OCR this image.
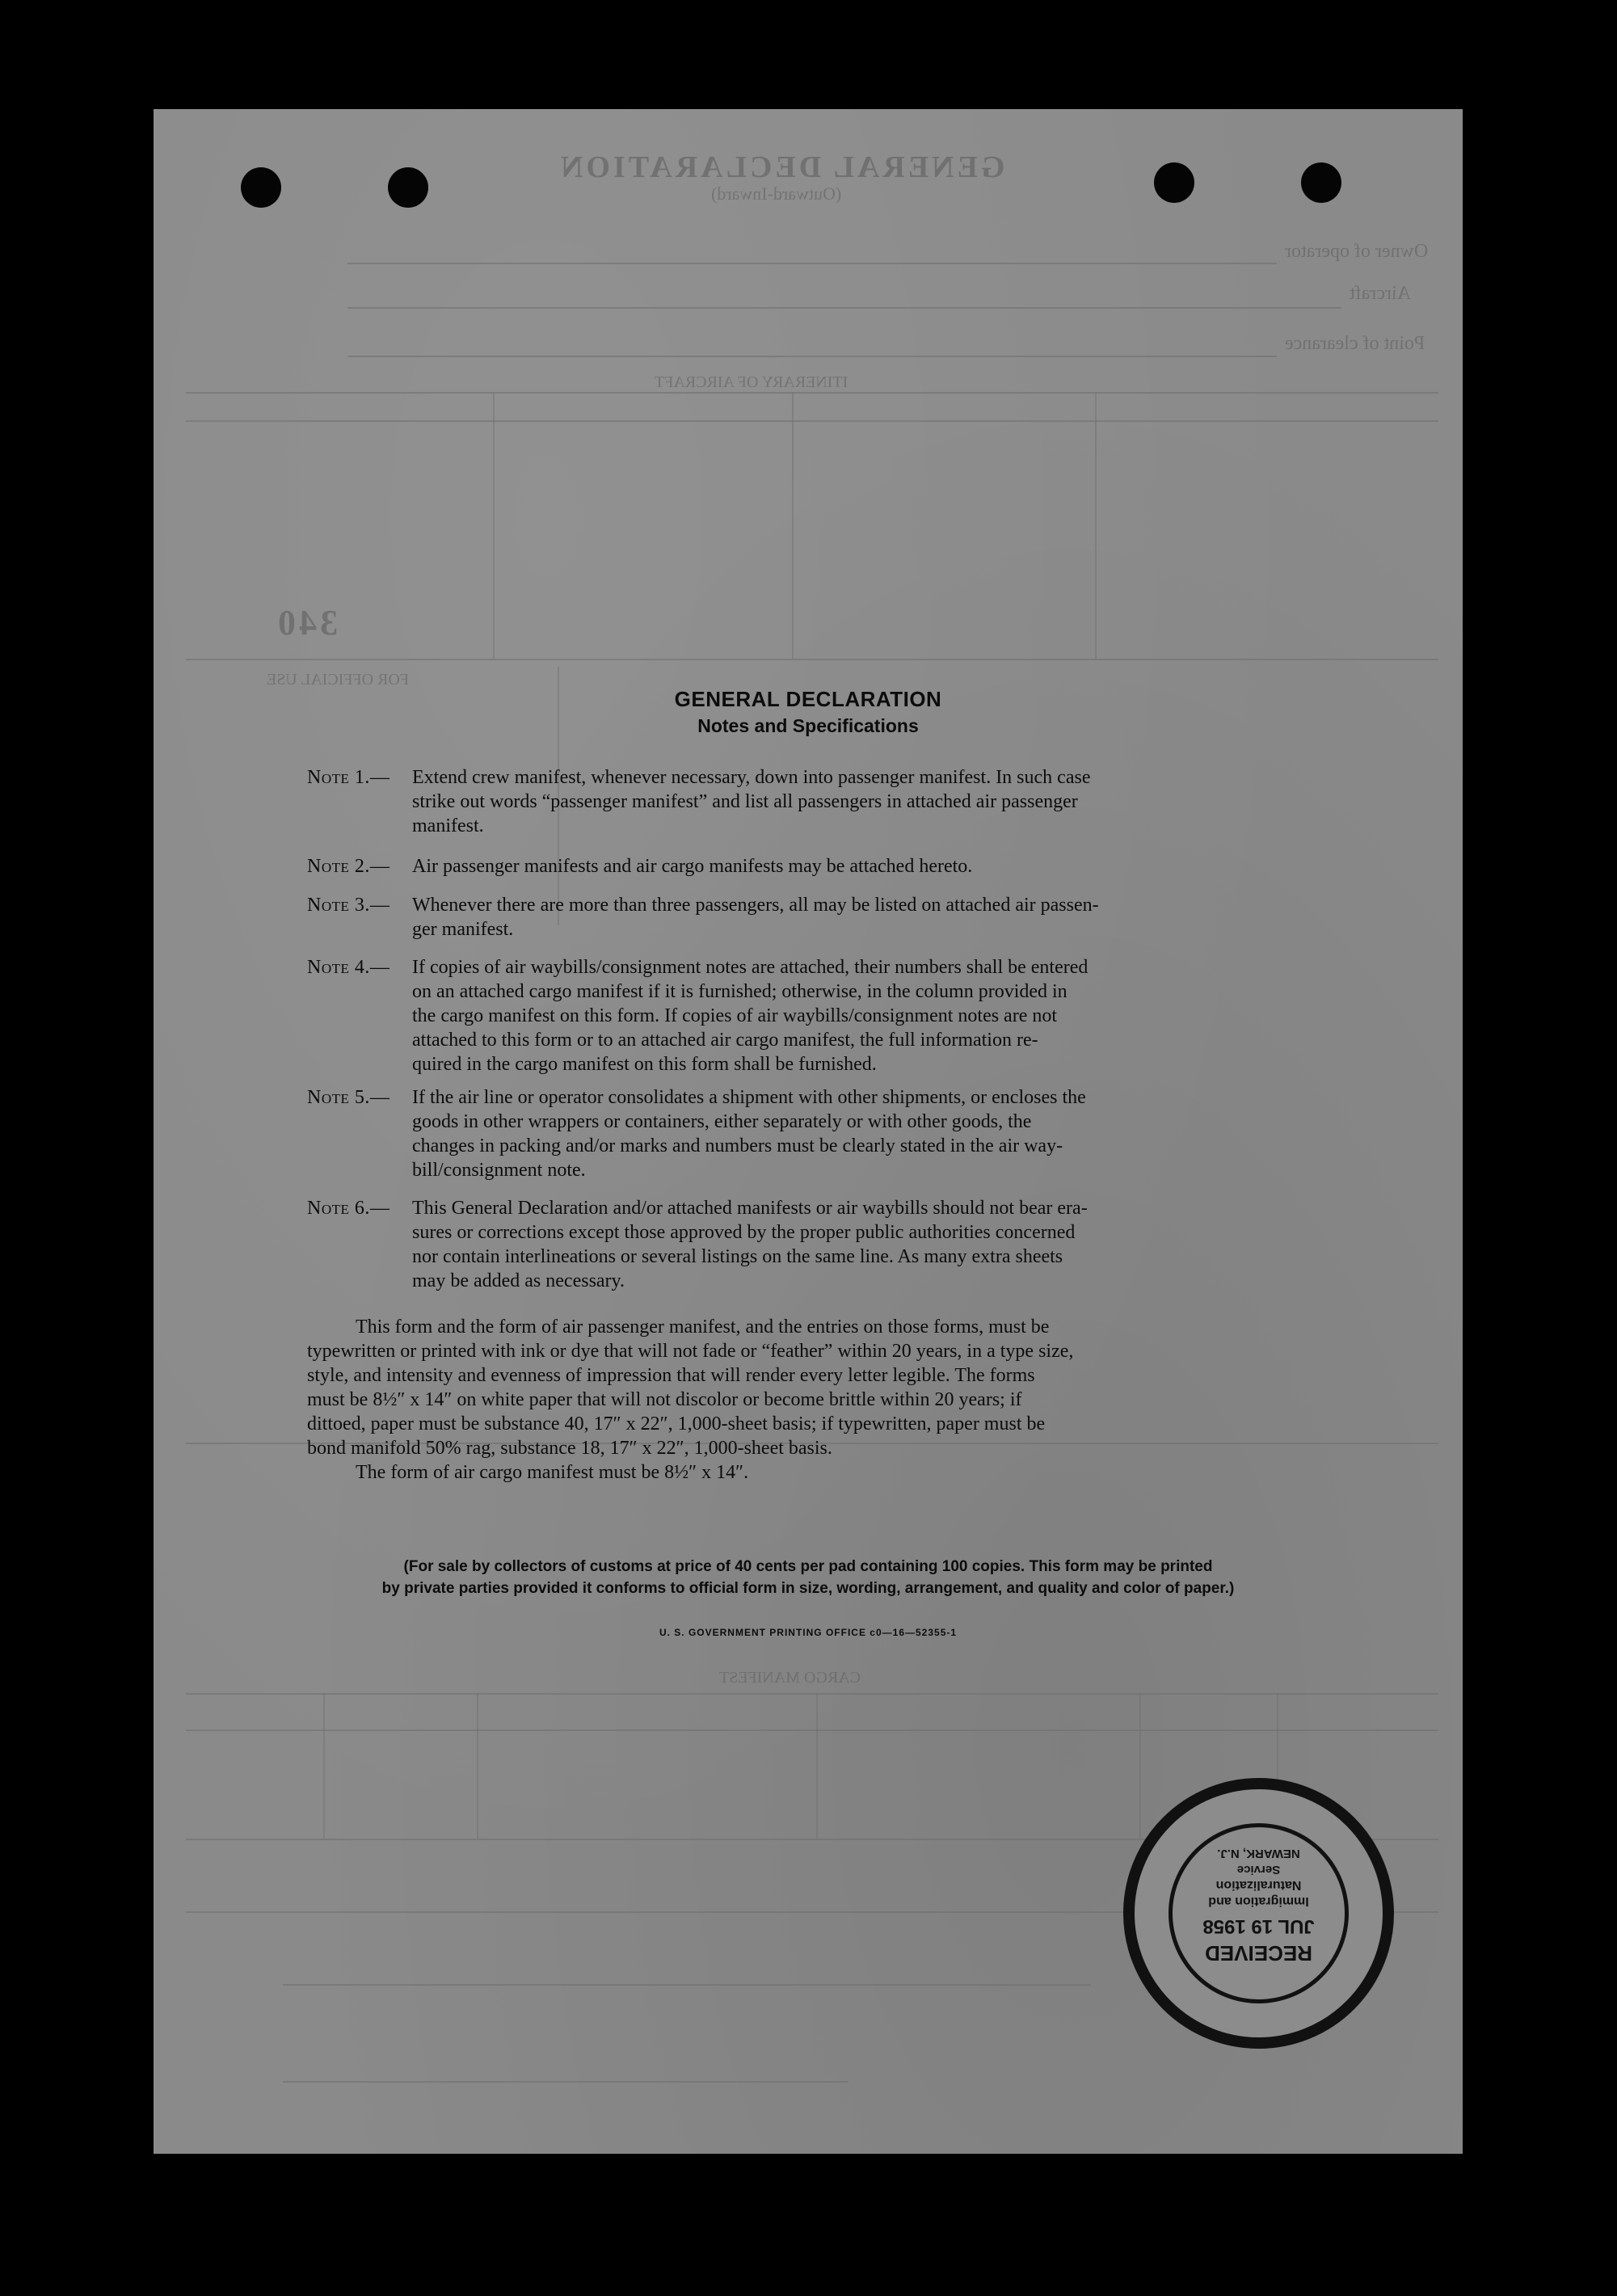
GENERAL DECLARATION
(Outward-Inward)
Owner of operator
Aircraft
Point of clearance
ITINERARY OF AIRCRAFT
340
FOR OFFICIAL USE
CARGO MANIFEST
GENERAL DECLARATION
Notes and Specifications
Note 1.—	Extend crew manifest, whenever necessary, down into passenger manifest. In such case
strike out words “passenger manifest” and list all passengers in attached air passenger
manifest.
Note 2.—	Air passenger manifests and air cargo manifests may be attached hereto.
Note 3.—	Whenever there are more than three passengers, all may be listed on attached air passen-
ger manifest.
Note 4.—	If copies of air waybills/consignment notes are attached, their numbers shall be entered
on an attached cargo manifest if it is furnished; otherwise, in the column provided in
the cargo manifest on this form. If copies of air waybills/consignment notes are not
attached to this form or to an attached air cargo manifest, the full information re-
quired in the cargo manifest on this form shall be furnished.
Note 5.—	If the air line or operator consolidates a shipment with other shipments, or encloses the
goods in other wrappers or containers, either separately or with other goods, the
changes in packing and/or marks and numbers must be clearly stated in the air way-
bill/consignment note.
Note 6.—	This General Declaration and/or attached manifests or air waybills should not bear era-
sures or corrections except those approved by the proper public authorities concerned
nor contain interlineations or several listings on the same line. As many extra sheets
may be added as necessary.
This form and the form of air passenger manifest, and the entries on those forms, must be
typewritten or printed with ink or dye that will not fade or “feather” within 20 years, in a type size,
style, and intensity and evenness of impression that will render every letter legible. The forms
must be 8½″ x 14″ on white paper that will not discolor or become brittle within 20 years; if
dittoed, paper must be substance 40, 17″ x 22″, 1,000-sheet basis; if typewritten, paper must be
bond manifold 50% rag, substance 18, 17″ x 22″, 1,000-sheet basis.
The form of air cargo manifest must be 8½″ x 14″.
(For sale by collectors of customs at price of 40 cents per pad containing 100 copies. This form may be printed
by private parties provided it conforms to official form in size, wording, arrangement, and quality and color of paper.)
U. S. GOVERNMENT PRINTING OFFICE c0—16—52355-1
RECEIVED
JUL 19 1958
Immigration and
Naturalization
Service
NEWARK, N.J.
